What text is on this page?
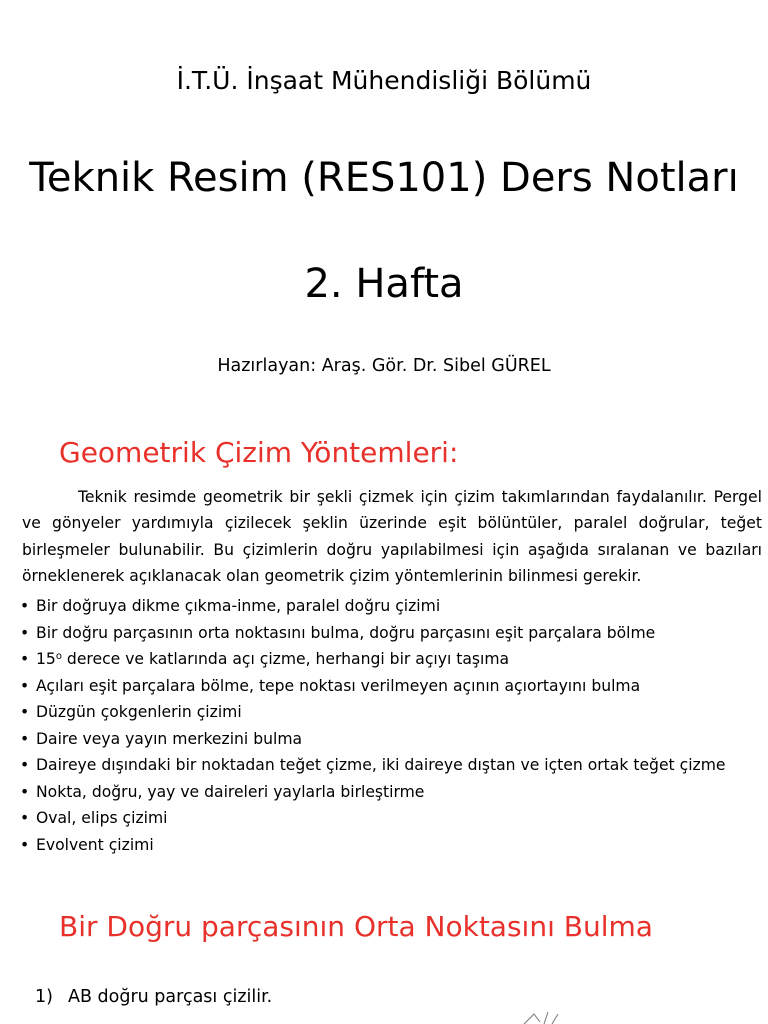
İ.T.Ü. İnşaat Mühendisliği Bölümü
Teknik Resim (RES101) Ders Notları
2. Hafta
Hazırlayan: Araş. Gör. Dr. Sibel GÜREL
Geometrik Çizim Yöntemleri:

Teknik resimde geometrik bir şekli çizmek için çizim takımlarından faydalanılır. Pergel ve gönyeler yardımıyla çizilecek şeklin üzerinde eşit bölüntüler, paralel doğrular, teğet birleşmeler bulunabilir. Bu çizimlerin doğru yapılabilmesi için aşağıda sıralanan ve bazıları örneklenerek açıklanacak olan geometrik çizim yöntemlerinin bilinmesi gerekir.

• Bir doğruya dikme çıkma-inme, paralel doğru çizimi
• Bir doğru parçasının orta noktasını bulma, doğru parçasını eşit parçalara bölme
• 15$^o$ derece ve katlarında açı çizme, herhangi bir açıyı taşıma
• Açıları eşit parçalara bölme, tepe noktası verilmeyen açının açıortayını bulma
• Düzgün çokgenlerin çizimi
• Daire veya yayın merkezini bulma
• Daireye dışındaki bir noktadan teğet çizme, iki daireye dıştan ve içten ortak teğet çizme
• Nokta, doğru, yay ve daireleri yaylarla birleştirme
• Oval, elips çizimi
• Evolvent çizimi
Bir Doğru parçasının Orta Noktasını Bulma
1) AB doğru parçası çizilir.
